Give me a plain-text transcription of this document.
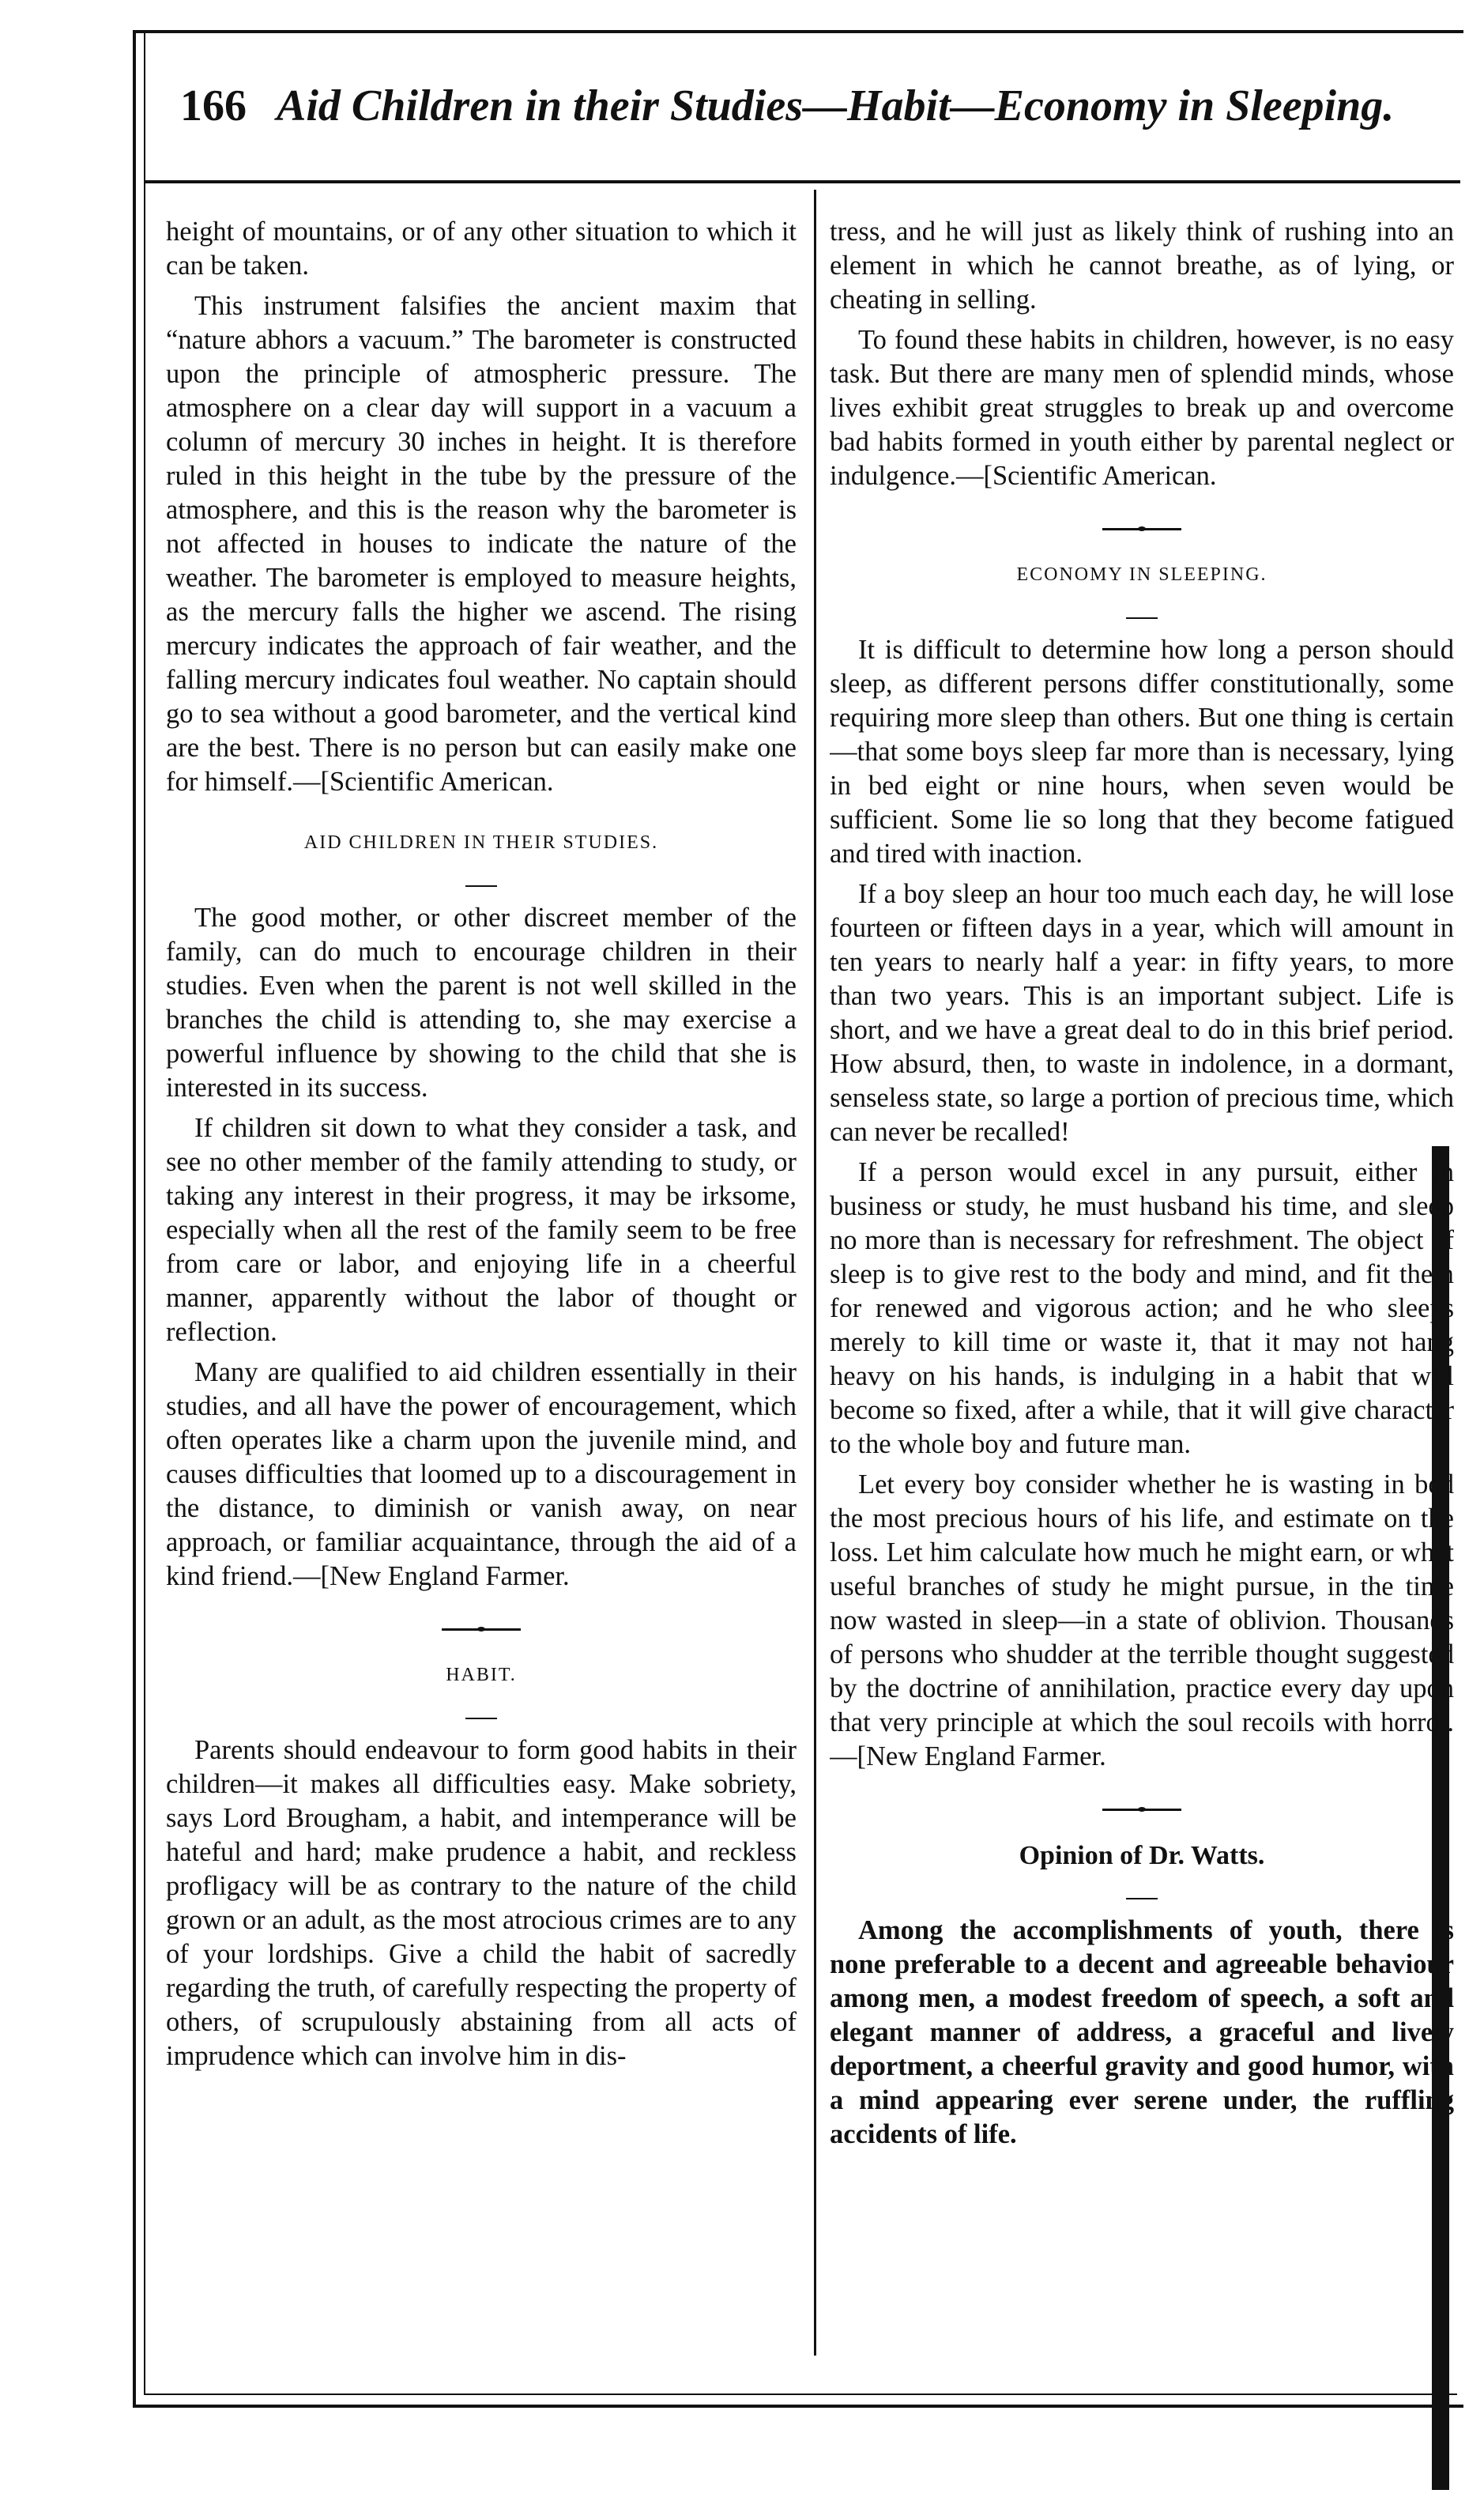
166 Aid Children in their Studies—Habit—Economy in Sleeping.

height of mountains, or of any other situation to which it can be taken.

This instrument falsifies the ancient maxim that “nature abhors a vacuum.” The barometer is constructed upon the principle of atmospheric pressure. The atmosphere on a clear day will support in a vacuum a column of mercury 30 inches in height. It is therefore ruled in this height in the tube by the pressure of the atmosphere, and this is the reason why the barometer is not affected in houses to indicate the nature of the weather. The barometer is employed to measure heights, as the mercury falls the higher we ascend. The rising mercury indicates the approach of fair weather, and the falling mercury indicates foul weather. No captain should go to sea without a good barometer, and the vertical kind are the best. There is no person but can easily make one for himself.—[Scientific American.

AID CHILDREN IN THEIR STUDIES.

The good mother, or other discreet member of the family, can do much to encourage children in their studies. Even when the parent is not well skilled in the branches the child is attending to, she may exercise a powerful influence by showing to the child that she is interested in its success.

If children sit down to what they consider a task, and see no other member of the family attending to study, or taking any interest in their progress, it may be irksome, especially when all the rest of the family seem to be free from care or labor, and enjoying life in a cheerful manner, apparently without the labor of thought or reflection.

Many are qualified to aid children essentially in their studies, and all have the power of encouragement, which often operates like a charm upon the juvenile mind, and causes difficulties that loomed up to a discouragement in the distance, to diminish or vanish away, on near approach, or familiar acquaintance, through the aid of a kind friend.—[New England Farmer.

HABIT.

Parents should endeavour to form good habits in their children—it makes all difficulties easy. Make sobriety, says Lord Brougham, a habit, and intemperance will be hateful and hard; make prudence a habit, and reckless profligacy will be as contrary to the nature of the child grown or an adult, as the most atrocious crimes are to any of your lordships. Give a child the habit of sacredly regarding the truth, of carefully respecting the property of others, of scrupulously abstaining from all acts of imprudence which can involve him in dis-

tress, and he will just as likely think of rushing into an element in which he cannot breathe, as of lying, or cheating in selling.

To found these habits in children, however, is no easy task. But there are many men of splendid minds, whose lives exhibit great struggles to break up and overcome bad habits formed in youth either by parental neglect or indulgence.—[Scientific American.

ECONOMY IN SLEEPING.

It is difficult to determine how long a person should sleep, as different persons differ constitutionally, some requiring more sleep than others. But one thing is certain—that some boys sleep far more than is necessary, lying in bed eight or nine hours, when seven would be sufficient. Some lie so long that they become fatigued and tired with inaction.

If a boy sleep an hour too much each day, he will lose fourteen or fifteen days in a year, which will amount in ten years to nearly half a year: in fifty years, to more than two years. This is an important subject. Life is short, and we have a great deal to do in this brief period. How absurd, then, to waste in indolence, in a dormant, senseless state, so large a portion of precious time, which can never be recalled!

If a person would excel in any pursuit, either in business or study, he must husband his time, and sleep no more than is necessary for refreshment. The object of sleep is to give rest to the body and mind, and fit them for renewed and vigorous action; and he who sleeps merely to kill time or waste it, that it may not hang heavy on his hands, is indulging in a habit that will become so fixed, after a while, that it will give character to the whole boy and future man.

Let every boy consider whether he is wasting in bed the most precious hours of his life, and estimate on the loss. Let him calculate how much he might earn, or what useful branches of study he might pursue, in the time now wasted in sleep—in a state of oblivion. Thousands of persons who shudder at the terrible thought suggested by the doctrine of annihilation, practice every day upon that very principle at which the soul recoils with horror.—[New England Farmer.

Opinion of Dr. Watts.

Among the accomplishments of youth, there is none preferable to a decent and agreeable behaviour among men, a modest freedom of speech, a soft and elegant manner of address, a graceful and lively deportment, a cheerful gravity and good humor, with a mind appearing ever serene under, the ruffling accidents of life.
